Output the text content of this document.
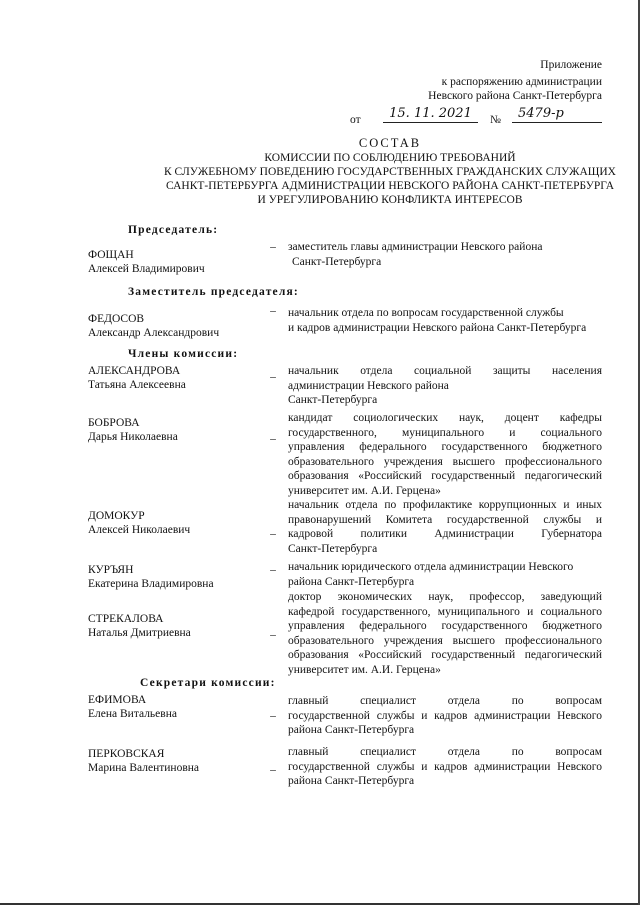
Приложение
к распоряжению администрации
Невского района Санкт-Петербурга
от	15. 11. 2021	№	5479-р
СОСТАВ
КОМИССИИ ПО СОБЛЮДЕНИЮ ТРЕБОВАНИЙ
К СЛУЖЕБНОМУ ПОВЕДЕНИЮ ГОСУДАРСТВЕННЫХ ГРАЖДАНСКИХ СЛУЖАЩИХ
САНКТ-ПЕТЕРБУРГА АДМИНИСТРАЦИИ НЕВСКОГО РАЙОНА САНКТ-ПЕТЕРБУРГА
И УРЕГУЛИРОВАНИЮ КОНФЛИКТА ИНТЕРЕСОВ
Председатель:
ФОЩАН
Алексей Владимирович
– заместитель главы администрации Невского района
Санкт-Петербурга
Заместитель председателя:
ФЕДОСОВ
Александр Александрович
– начальник отдела по вопросам государственной службы
и кадров администрации Невского района Санкт-Петербурга
Члены комиссии:
АЛЕКСАНДРОВА
Татьяна Алексеевна
– начальник отдела социальной защиты населения
администрации Невского района
Санкт-Петербурга
БОБРОВА
Дарья Николаевна	–
кандидат социологических наук, доцент кафедры
государственного, муниципального и социального
управления федерального государственного бюджетного
образовательного учреждения высшего профессионального
образования «Российский государственный педагогический
университет им. А.И. Герцена»
ДОМОКУР
Алексей Николаевич	–
начальник отдела по профилактике коррупционных и иных
правонарушений Комитета государственной службы и
кадровой политики Администрации Губернатора
Санкт-Петербурга
КУРЪЯН
Екатерина Владимировна
– начальник юридического отдела администрации Невского
района Санкт-Петербурга
СТРЕКАЛОВА
Наталья Дмитриевна	–
доктор экономических наук, профессор, заведующий
кафедрой государственного, муниципального и социального
управления федерального государственного бюджетного
образовательного учреждения высшего профессионального
образования «Российский государственный педагогический
университет им. А.И. Герцена»
Секретари комиссии:
ЕФИМОВА
Елена Витальевна	–
главный специалист отдела по вопросам
государственной службы и кадров администрации Невского
района Санкт-Петербурга
ПЕРКОВСКАЯ
Марина Валентиновна	–
главный специалист отдела по вопросам
государственной службы и кадров администрации Невского
района Санкт-Петербурга
